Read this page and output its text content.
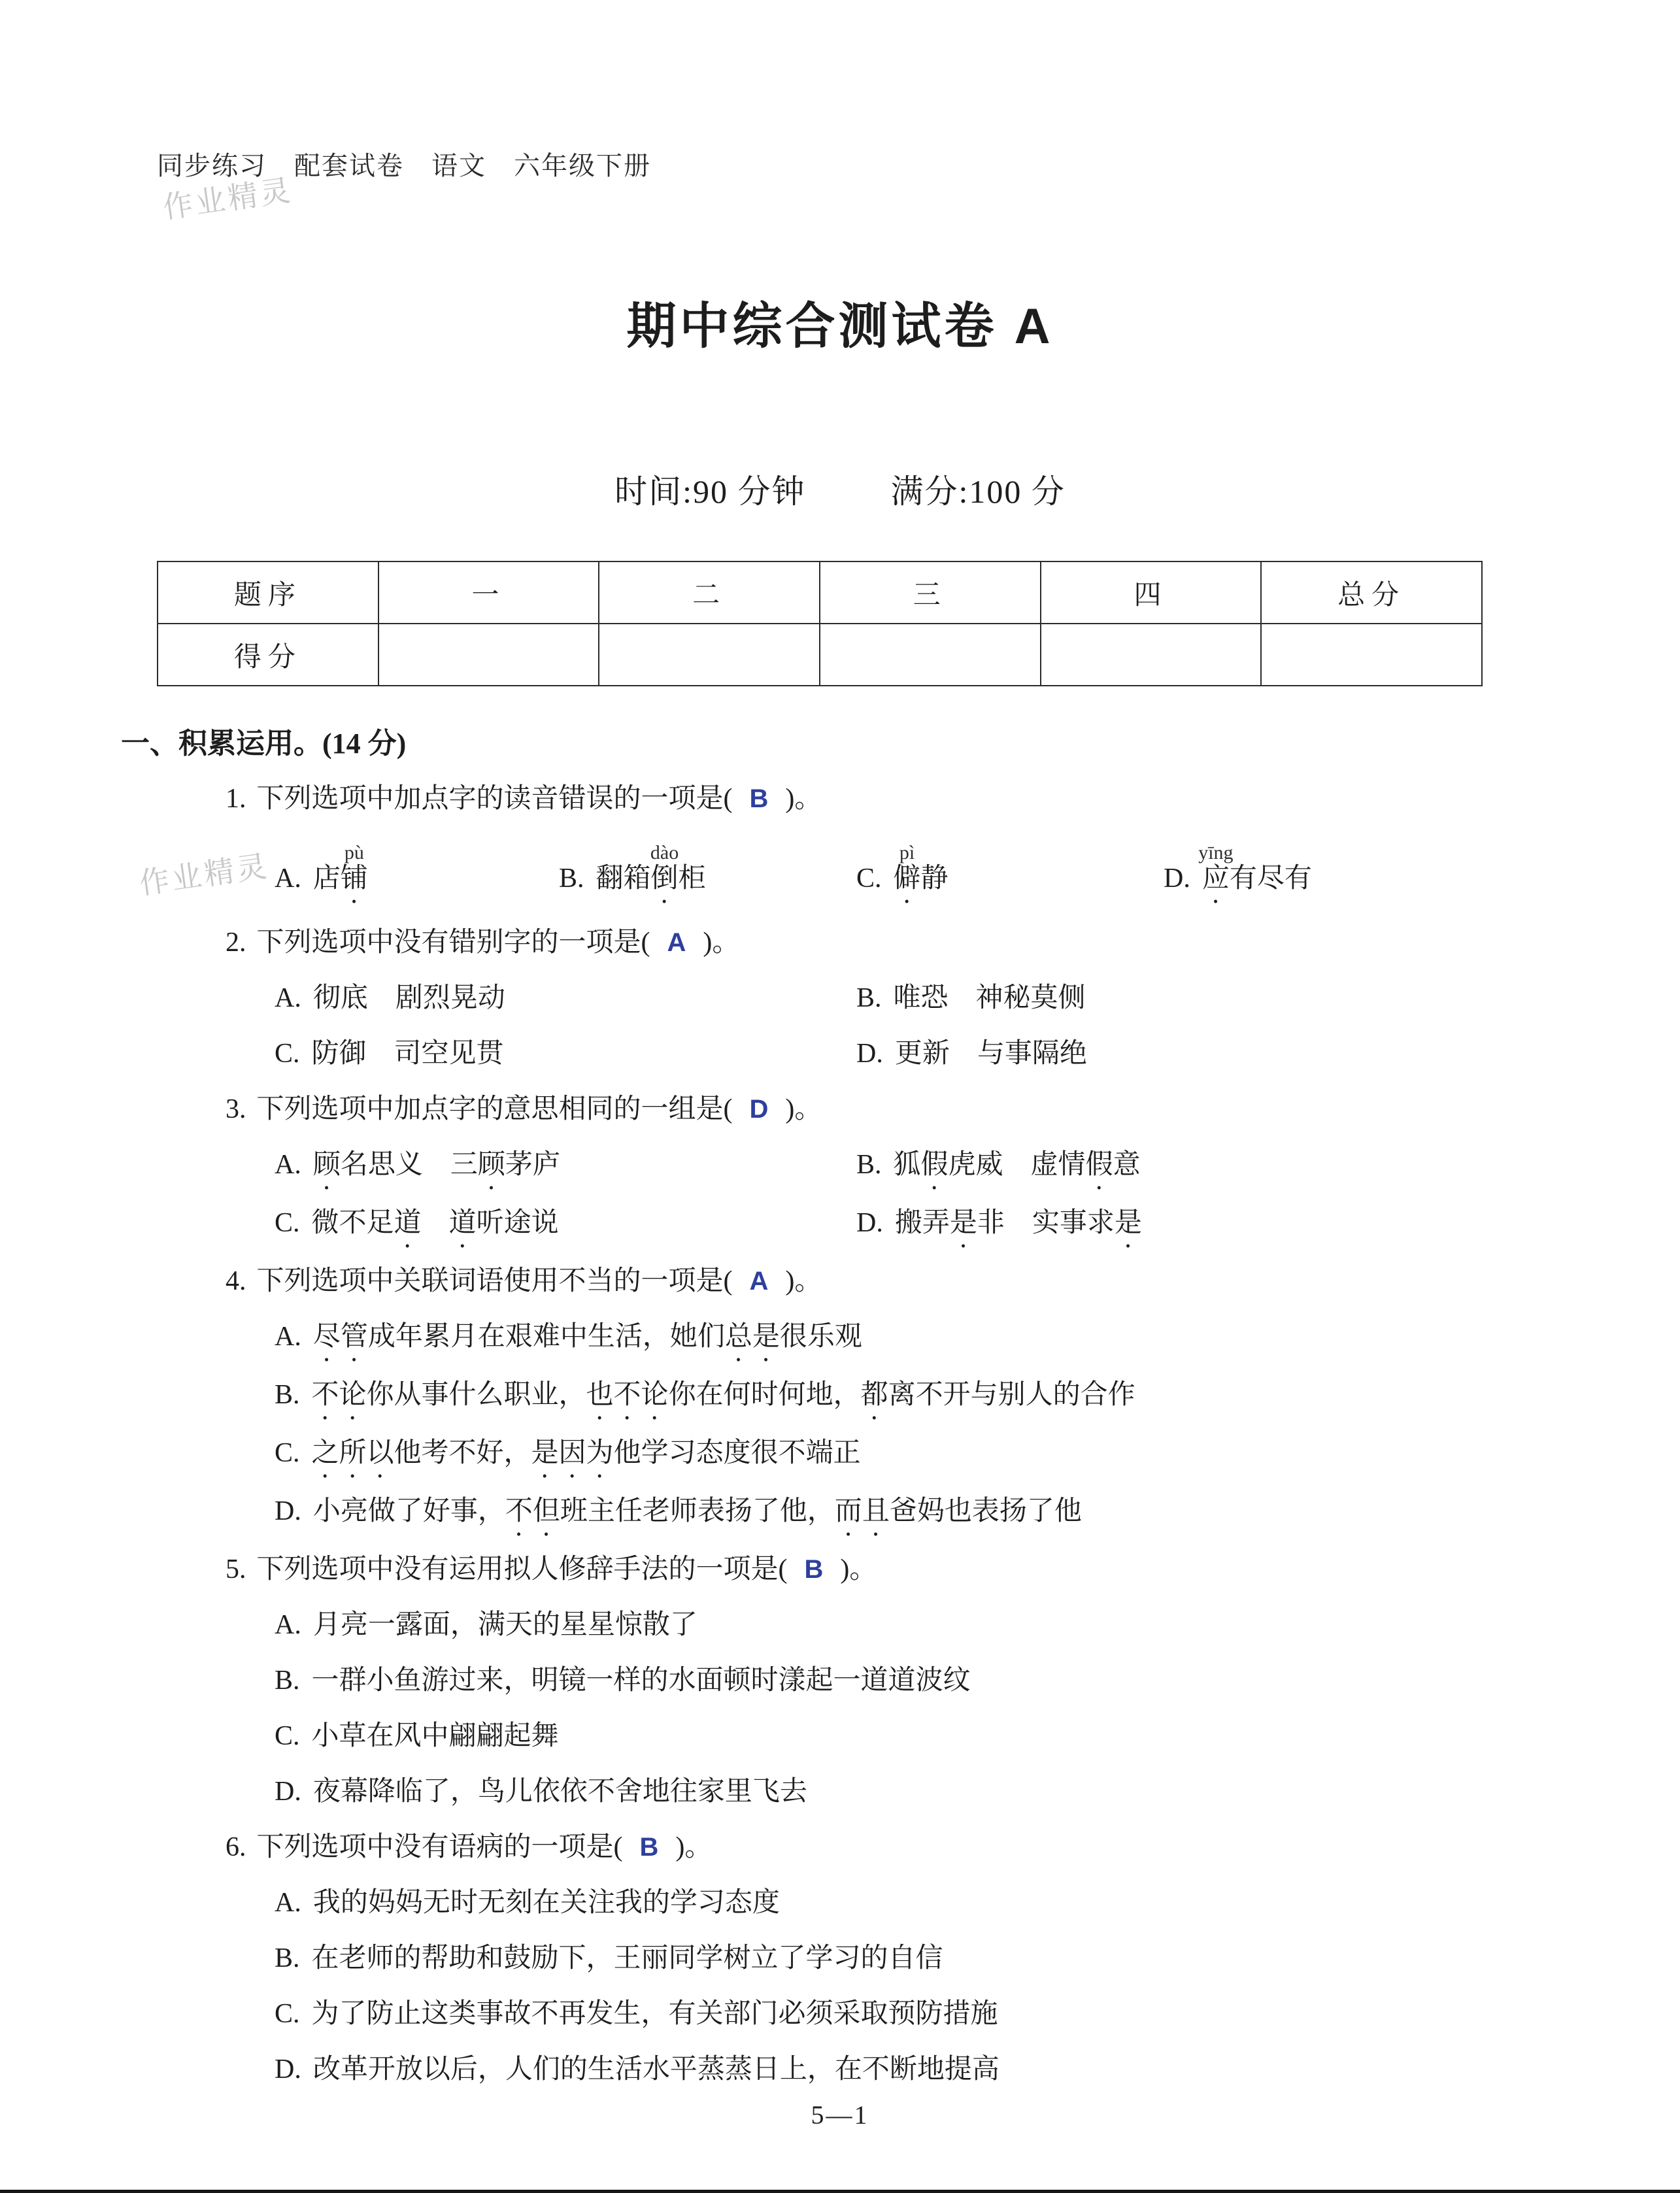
同步练习　配套试卷　语文　六年级下册
作业精灵
作业精灵
期中综合测试卷 A
时间:90 分钟	满分:100 分
题序	一	二	三	四	总分
得分					
一、积累运用。(14 分)

1. 下列选项中加点字的读音错误的一项是( B )。

A. 店铺pù
B. 翻箱倒dào柜	C. 僻pì静	D. 应yīng有尽有

2. 下列选项中没有错别字的一项是( A )。

A. 彻底　剧烈晃动	B. 唯恐　神秘莫侧
C. 防御　司空见贯	D. 更新　与事隔绝

3. 下列选项中加点字的意思相同的一组是( D )。

A. 顾名思义　三顾茅庐	B. 狐假虎威　虚情假意
C. 微不足道　 道听途说	D. 搬弄是非　实事求是

4. 下列选项中关联词语使用不当的一项是( A )。

A. 尽管成年累月在艰难中生活，她们总是很乐观

B. 不论你从事什么职业，也不论你在何时何地，都离不开与别人的合作

C. 之所以他考不好，是因为他学习态度很不端正

D. 小亮做了好事，不但班主任老师表扬了他，而且爸妈也表扬了他

5. 下列选项中没有运用拟人修辞手法的一项是( B )。

A. 月亮一露面，满天的星星惊散了

B. 一群小鱼游过来，明镜一样的水面顿时漾起一道道波纹

C. 小草在风中翩翩起舞

D. 夜幕降临了，鸟儿依依不舍地往家里飞去

6. 下列选项中没有语病的一项是( B )。

A. 我的妈妈无时无刻在关注我的学习态度

B. 在老师的帮助和鼓励下，王丽同学树立了学习的自信

C. 为了防止这类事故不再发生，有关部门必须采取预防措施

D. 改革开放以后，人们的生活水平蒸蒸日上，在不断地提高

5—1
